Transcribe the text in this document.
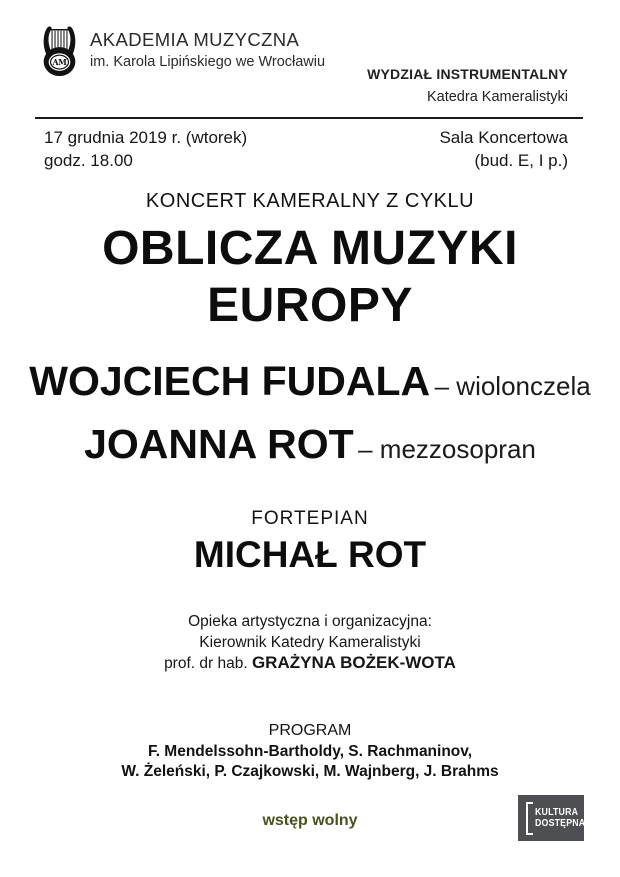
AM
AKADEMIA MUZYCZNA
im. Karola Lipińskiego we Wrocławiu
WYDZIAŁ INSTRUMENTALNY
Katedra Kameralistyki
17 grudnia 2019 r. (wtorek)
godz. 18.00
Sala Koncertowa
(bud. E, I p.)
KONCERT KAMERALNY Z CYKLU
OBLICZA MUZYKI
EUROPY
WOJCIECH FUDALA – wiolonczela
JOANNA ROT – mezzosopran
FORTEPIAN
MICHAŁ ROT
Opieka artystyczna i organizacyjna:
Kierownik Katedry Kameralistyki
prof. dr hab. GRAŻYNA BOŻEK-WOTA
PROGRAM
F. Mendelssohn-Bartholdy, S. Rachmaninov,
W. Żeleński, P. Czajkowski, M. Wajnberg, J. Brahms
wstęp wolny	KULTURA
DOSTĘPNA
